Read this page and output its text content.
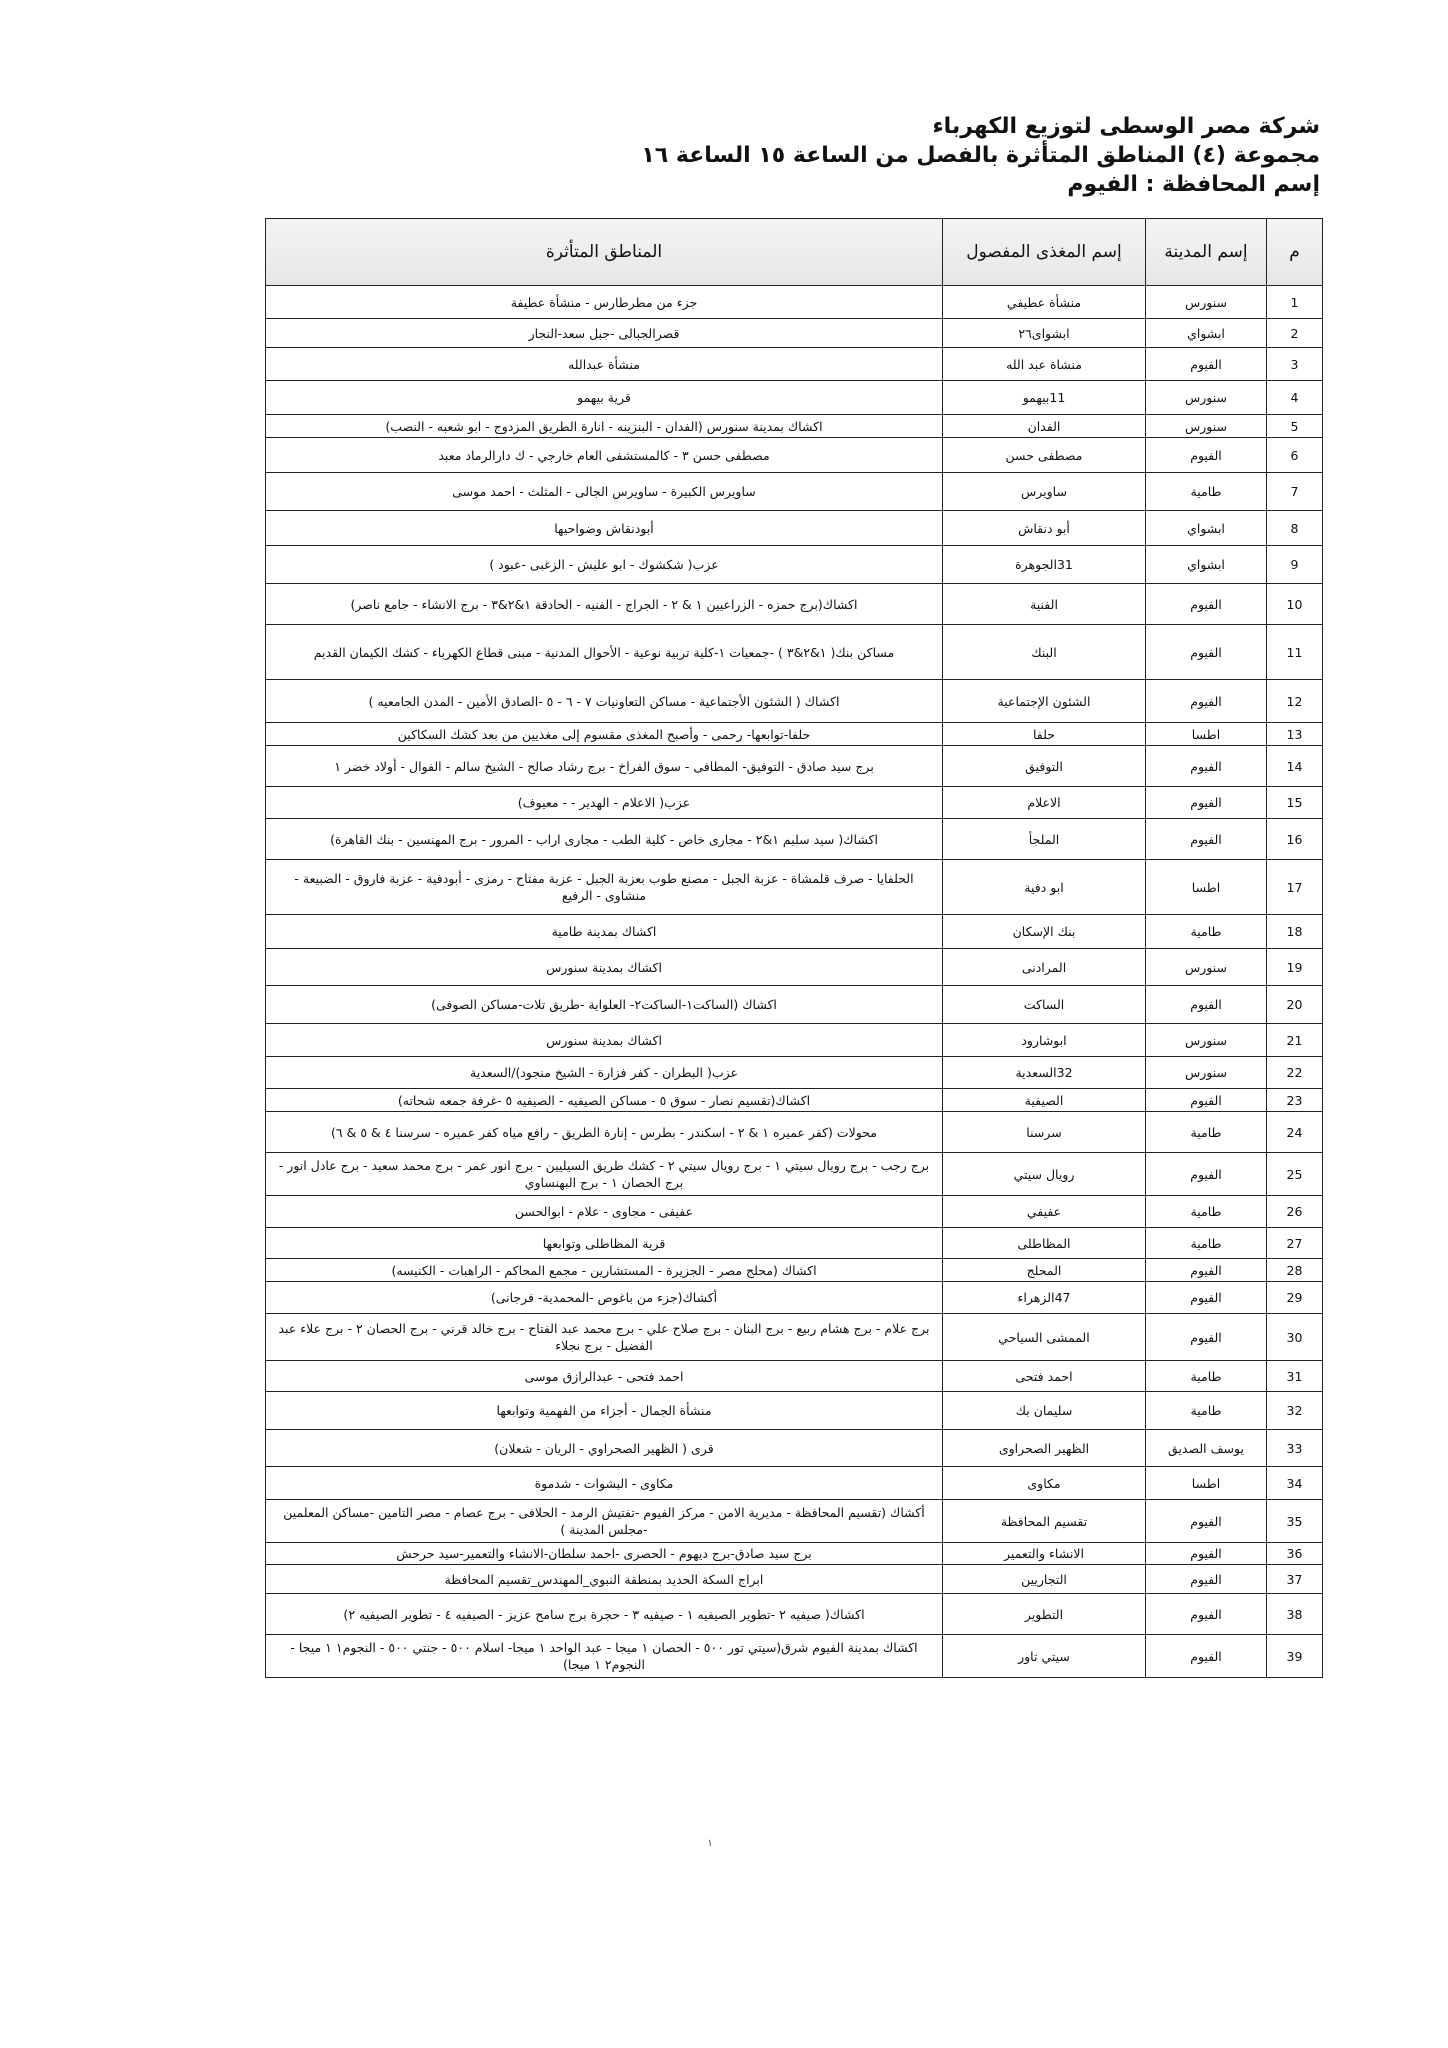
شركة مصر الوسطى لتوزيع الكهرباء
مجموعة (٤) المناطق المتأثرة بالفصل من الساعة ١٥ الساعة ١٦
إسم المحافظة : الفيوم
م	إسم المدينة	إسم المغذى المفصول	المناطق المتأثرة
1	سنورس	منشأة عطيفي	جزء من مطرطارس - منشأة عطيفة
2	ابشواي	ابشواى٢٦	قصرالجبالى -جبل سعد-النجار
3	الفيوم	منشاة عبد الله	منشأة عبدالله
4	سنورس	11بيهمو	قرية بيهمو
5	سنورس	الفدان	اكشاك بمدينة سنورس (الفدان - البنزينه - انارة الطريق المزدوج - ابو شعبه - النصب)
6	الفيوم	مصطفى حسن	مصطفى حسن ٣ - كالمستشفى العام خارجي - ك دارالرماد معبد
7	طامية	ساويرس	ساويرس الكبيرة - ساويرس الجالى - المثلث - احمد موسى
8	ابشواي	أبو دنقاش	أبودنقاش وضواحيها
9	ابشواي	31الجوهرة	عزب( شكشوك - ابو عليش - الزغبى -عبود )
10	الفيوم	الفنية	اكشاك(برج حمزه - الزراعيين ١ & ٢ - الجراج - الفنيه - الحادقة ١&٢&٣ - برج الانشاء - جامع ناصر)
11	الفيوم	البنك	مساكن بنك( ١&٢&٣ ) -جمعيات ١-كلية تربية نوعية - الأحوال المدنية - مبنى قطاع الكهرباء - كشك الكيمان القديم
12	الفيوم	الشئون الإجتماعية	اكشاك ( الشئون الأجتماعية - مساكن التعاونيات ٧ - ٦ - ٥ -الصادق الأمين - المدن الجامعيه )
13	اطسا	حلفا	حلفا-توابعها- رحمى - وأصبح المغذى مقسوم إلى مغذيين من بعد كشك السكاكين
14	الفيوم	التوفيق	برج سيد صادق - التوفيق- المطافى - سوق الفراخ - برج رشاد صالح - الشيخ سالم - الفوال - أولاد خضر ١
15	الفيوم	الاعلام	عزب( الاعلام - الهدير - - معيوف)
16	الفيوم	الملجأ	اكشاك( سيد سليم ١&٢ - مجارى خاص - كلية الطب - مجارى اراب - المرور - برج المهنسين - بنك القاهرة)
17	اطسا	ابو دفية	الحلفايا - صرف قلمشاة - عزبة الجبل - مصنع طوب بعزبة الجبل - عزبة مفتاح - رمزى - أبودفية - عزبة فاروق - الضبيعة - منشاوى - الرفيع
18	طامية	بنك الإسكان	اكشاك بمدينة طامية
19	سنورس	المرادنى	اكشاك بمدينة سنورس
20	الفيوم	الساكت	اكشاك (الساكت١-الساكت٢- العلواية -طريق تلات-مساكن الصوفى)
21	سنورس	ابوشارود	اكشاك بمدينة سنورس
22	سنورس	32السعدية	عزب( البطران - كفر فزارة - الشيخ منجود)/السعدية
23	الفيوم	الصيفية	اكشاك(تقسيم نصار - سوق ٥ - مساكن الصيفيه - الصيفيه ٥ -غرفة جمعه شحاته)
24	طامية	سرسنا	محولات (كفر عميره ١ & ٢ - اسكندر - بطرس - إنارة الطريق - رافع مياه كفر عميره - سرسنا ٤ & ٥ & ٦)
25	الفيوم	رويال سيتي	برج رجب - برج رويال سيتي ١ - برج رويال سيتي ٢ - كشك طريق السيليين - برج انور عمر - برج محمد سعيد - برج عادل انور - برج الحصان ١ - برج البهنساوي
26	طامية	عفيفي	عفيفى - مجاوى - علام - ابوالحسن
27	طامية	المظاطلى	قرية المظاطلى وتوابعها
28	الفيوم	المحلج	اكشاك (محلج مصر - الجزيرة - المستشارين - مجمع المحاكم - الراهبات - الكنيسه)
29	الفيوم	47الزهراء	أكشاك(جزء من باغوص -المحمدية- فرجانى)
30	الفيوم	الممشى السياحي	برج علام - برج هشام ربيع - برج البنان - برج صلاح علي - برج محمد عبد الفتاح - برج خالد قرني - برج الحصان ٢ - برج علاء عبد الفضيل - برج نجلاء
31	طامية	احمد فتحى	احمد فتحى - عبدالرازق موسى
32	طامية	سليمان بك	منشأة الجمال - أجزاء من الفهمية وتوابعها
33	يوسف الصديق	الظهير الصحراوى	قرى ( الظهير الصحراوي - الريان - شعلان)
34	اطسا	مكاوى	مكاوى - البشوات - شدموة
35	الفيوم	تقسيم المحافظة	أكشاك (تقسيم المحافظة - مديرية الامن - مركز الفيوم -تفتيش الرمد - الحلافى - برج عصام - مصر التامين -مساكن المعلمين -مجلس المدينة )
36	الفيوم	الانشاء والتعمير	برج سيد صادق-برج ديهوم - الحصرى -احمد سلطان-الانشاء والتعمير-سيد حرحش
37	الفيوم	التجاريين	ابراج السكة الحديد بمنطقة النبوي_المهندس_تقسيم المحافظة
38	الفيوم	التطوير	اكشاك( صيفيه ٢ -تطوير الصيفيه ١ - صيفيه ٣ - حجرة برج سامح عزيز - الصيفيه ٤ - تطوير الصيفيه ٢)
39	الفيوم	سيتي تاور	اكشاك بمدينة الفيوم شرق(سيتي تور ٥٠٠ - الحصان ١ ميجا - عبد الواحد ١ ميجا- اسلام ٥٠٠ - جنتي ٥٠٠ - النجوم١ ١ ميجا - النجوم٢ ١ ميجا)
١
